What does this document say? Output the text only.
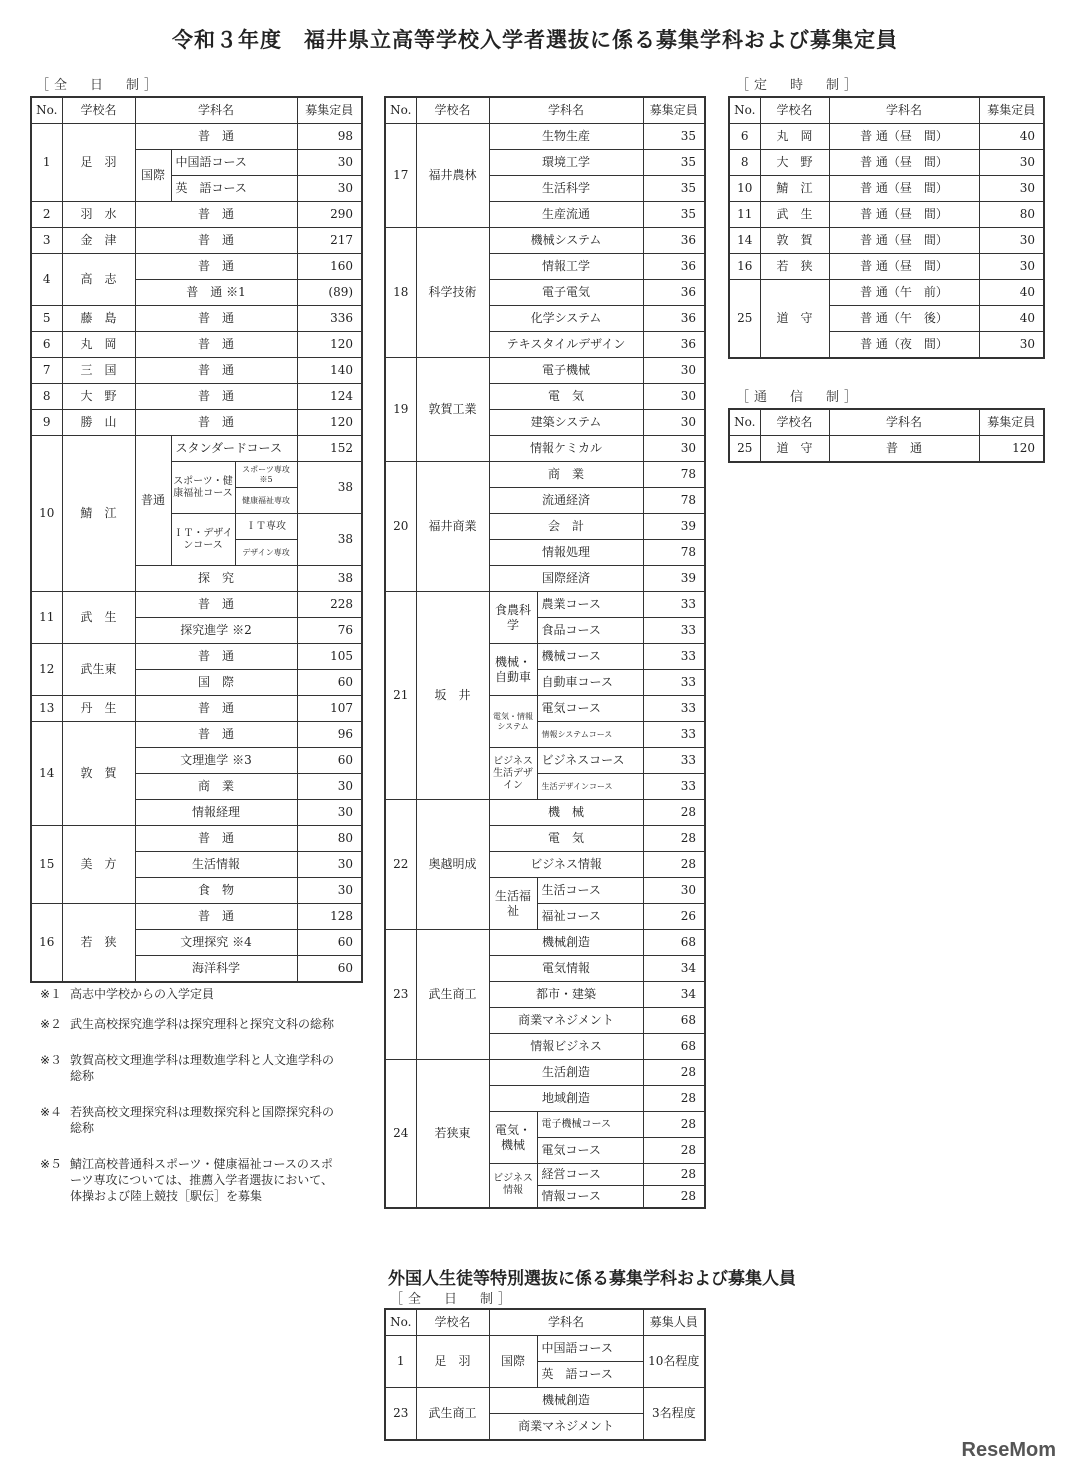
令和３年度　福井県立高等学校入学者選抜に係る募集学科および募集定員
［全　日　制］	［定　時　制］
［通　信　制］
No.	学校名	学科名			募集定員
1	足　羽	普　通			98
		国際	中国語コース		30
			英　語コース		30
2	羽　水	普　通			290
3	金　津	普　通			217
4	高　志	普　通			160
		普　通 ※1			(89)
5	藤　島	普　通			336
6	丸　岡	普　通			120
7	三　国	普　通			140
8	大　野	普　通			124
9	勝　山	普　通			120
10	鯖　江	普通	スタンダードコース		152
			スポーツ・健康福祉コース	スポーツ専攻 ※5	38
				健康福祉専攻	
			ＩＴ・デザインコース	ＩＴ専攻	38
				デザイン専攻	
		探　究			38
11	武　生	普　通			228
		探究進学 ※2			76
12	武生東	普　通			105
		国　際			60
13	丹　生	普　通			107
14	敦　賀	普　通			96
		文理進学 ※3			60
		商　業			30
		情報経理			30
15	美　方	普　通			80
		生活情報			30
		食　物			30
16	若　狭	普　通			128
		文理探究 ※4			60
		海洋科学			60
No.	学校名	学科名		募集定員
17	福井農林	生物生産		35
		環境工学		35
		生活科学		35
		生産流通		35
18	科学技術	機械システム		36
		情報工学		36
		電子電気		36
		化学システム		36
		テキスタイルデザイン		36
19	敦賀工業	電子機械		30
		電　気		30
		建築システム		30
		情報ケミカル		30
20	福井商業	商　業		78
		流通経済		78
		会　計		39
		情報処理		78
		国際経済		39
21	坂　井	食農科学	農業コース	33
			食品コース	33
		機械・自動車	機械コース	33
			自動車コース	33
		電気・情報システム	電気コース	33
			情報システムコース	33
		ビジネス生活デザイン	ビジネスコース	33
			生活デザインコース	33
22	奥越明成	機　械		28
		電　気		28
		ビジネス情報		28
		生活福祉	生活コース	30
			福祉コース	26
23	武生商工	機械創造		68
		電気情報		34
		都市・建築		34
		商業マネジメント		68
		情報ビジネス		68
24	若狭東	生活創造		28
		地域創造		28
		電気・機械	電子機械コース	28
			電気コース	28
		ビジネス情報	経営コース	28
			情報コース	28
No.	学校名	学科名	募集定員
6	丸　岡	普 通（昼　間）	40
8	大　野	普 通（昼　間）	30
10	鯖　江	普 通（昼　間）	30
11	武　生	普 通（昼　間）	80
14	敦　賀	普 通（昼　間）	30
16	若　狭	普 通（昼　間）	30
25	道　守	普 通（午　前）	40
		普 通（午　後）	40
		普 通（夜　間）	30
No.	学校名	学科名	募集定員
25	道　守	普　通	120
※１ 高志中学校からの入学定員
※２ 武生高校探究進学科は探究理科と探究文科の総称
※３ 敦賀高校文理進学科は理数進学科と人文進学科の総称
※４ 若狭高校文理探究科は理数探究科と国際探究科の総称
※５ 鯖江高校普通科スポーツ・健康福祉コースのスポーツ専攻については、推薦入学者選抜において、体操および陸上競技［駅伝］を募集
外国人生徒等特別選抜に係る募集学科および募集人員
［全　日　制］
No.	学校名	学科名		募集人員
1	足　羽	国際	中国語コース	10名程度
			英　語コース	
23	武生商工	機械創造		3名程度
		商業マネジメント		
ReseMom
